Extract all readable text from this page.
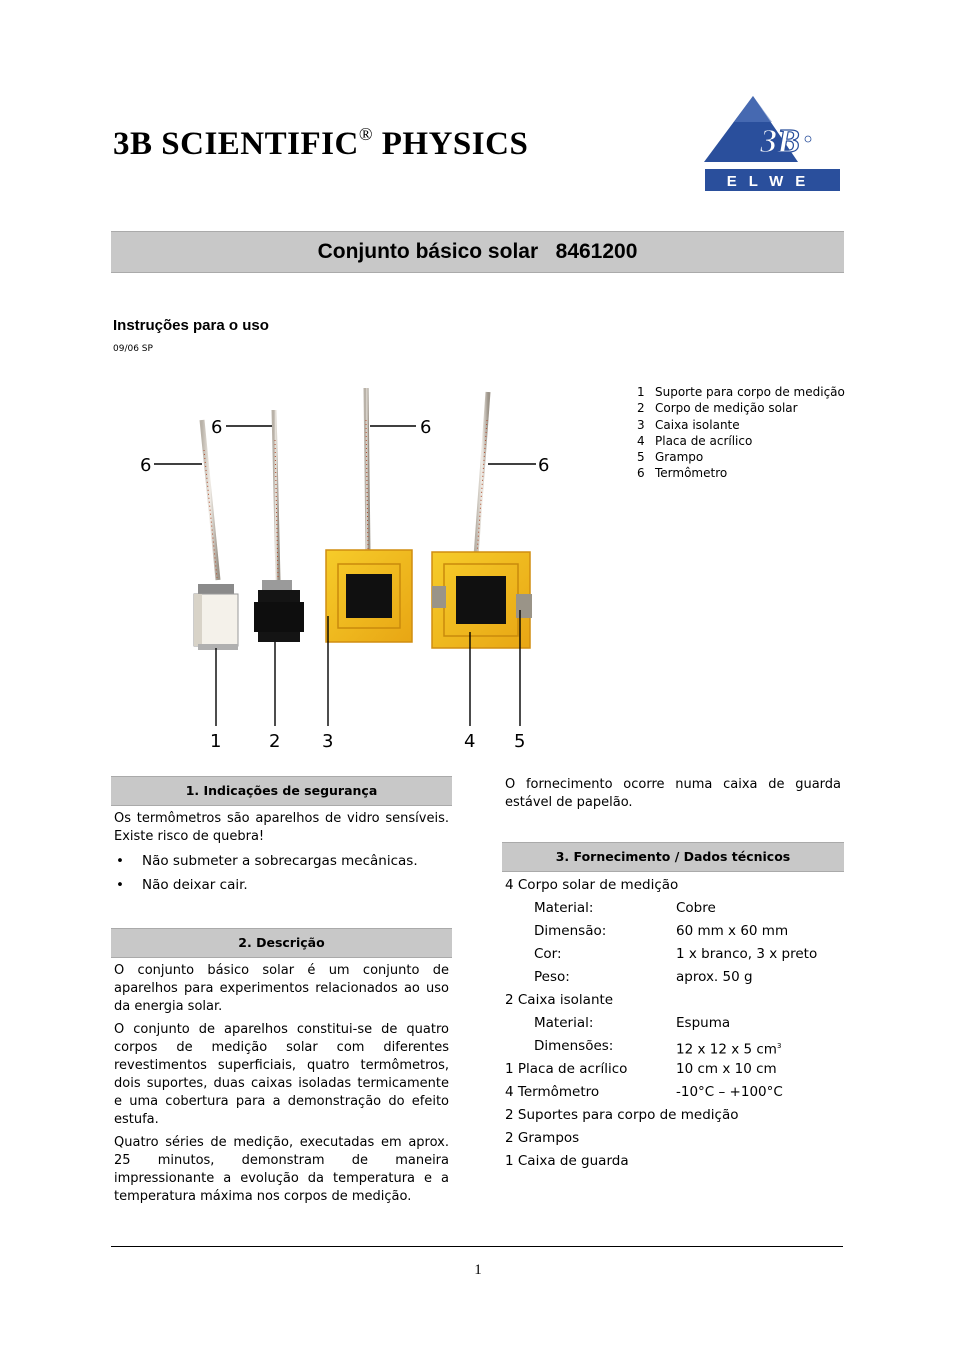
3B SCIENTIFIC® PHYSICS	3B
ELWE
Conjunto básico solar   8461200
Instruções para o uso
09/06 SP
6
6	6
6
1	2 3	4 5
1 Suporte para corpo de medição
2 Corpo de medição solar
3 Caixa isolante
4 Placa de acrílico
5 Grampo
6 Termômetro
1. Indicações de segurança

Os termômetros são aparelhos de vidro sensíveis. Existe risco de quebra!

• Não submeter a sobrecargas mecânicas.
• Não deixar cair.
2. Descrição

O conjunto básico solar é um conjunto de aparelhos para experimentos relacionados ao uso da energia solar.

O conjunto de aparelhos constitui-se de quatro corpos de medição solar com diferentes revestimentos superficiais, quatro termômetros, dois suportes, duas caixas isoladas termicamente e uma cobertura para a demonstração do efeito estufa.

Quatro séries de medição, executadas em aprox. 25 minutos, demonstram de maneira impressionante a evolução da temperatura e a temperatura máxima nos corpos de medição.

O fornecimento ocorre numa caixa de guarda estável de papelão.

3. Fornecimento / Dados técnicos
4 Corpo solar de medição
Material:	Cobre
Dimensão:	60 mm x 60 mm
Cor:	1 x branco, 3 x preto
Peso:	aprox. 50 g
2 Caixa isolante
Material:	Espuma
Dimensões:	12 x 12 x 5 $cm^3$
1 Placa de acrílico	10 cm x 10 cm
4 Termômetro	-10°C – +100°C
2 Suportes para corpo de medição
2 Grampos
1 Caixa de guarda
1
